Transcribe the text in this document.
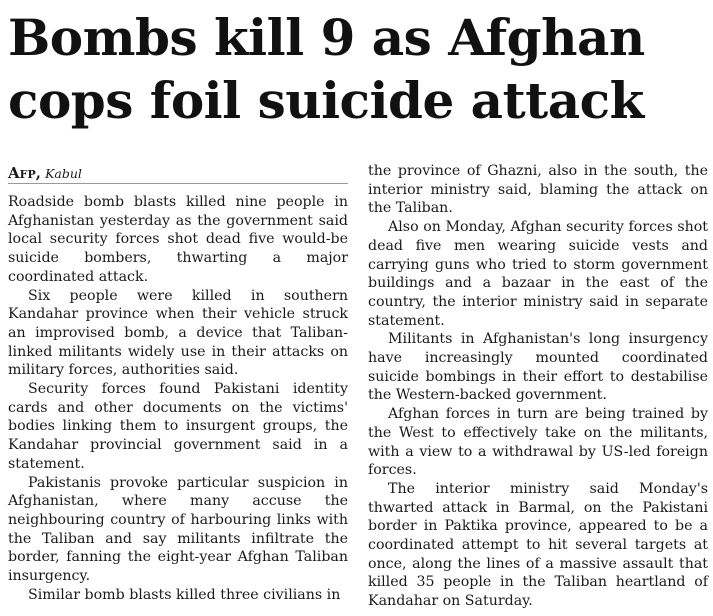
Bombs kill 9 as Afghan
cops foil suicide attack
Afp, Kabul

Roadside bomb blasts killed nine people in Afghanistan yesterday as the government said local security forces shot dead five would-be suicide bombers, thwarting a major coordinated attack.

Six people were killed in southern Kandahar province when their vehicle struck an improvised bomb, a device that Taliban-linked militants widely use in their attacks on military forces, authorities said.

Security forces found Pakistani identity cards and other documents on the victims' bodies linking them to insurgent groups, the Kandahar provincial government said in a statement.

Pakistanis provoke particular suspicion in Afghanistan, where many accuse the neighbouring country of harbouring links with the Taliban and say militants infiltrate the border, fanning the eight-year Afghan Taliban insurgency.

Similar bomb blasts killed three civilians in

the province of Ghazni, also in the south, the interior ministry said, blaming the attack on the Taliban.

Also on Monday, Afghan security forces shot dead five men wearing suicide vests and carrying guns who tried to storm government buildings and a bazaar in the east of the country, the interior ministry said in separate statement.

Militants in Afghanistan's long insurgency have increasingly mounted coordinated suicide bombings in their effort to destabilise the Western-backed government.

Afghan forces in turn are being trained by the West to effectively take on the militants, with a view to a withdrawal by US-led foreign forces.

The interior ministry said Monday's thwarted attack in Barmal, on the Pakistani border in Paktika province, appeared to be a coordinated attempt to hit several targets at once, along the lines of a massive assault that killed 35 people in the Taliban heartland of Kandahar on Saturday.
